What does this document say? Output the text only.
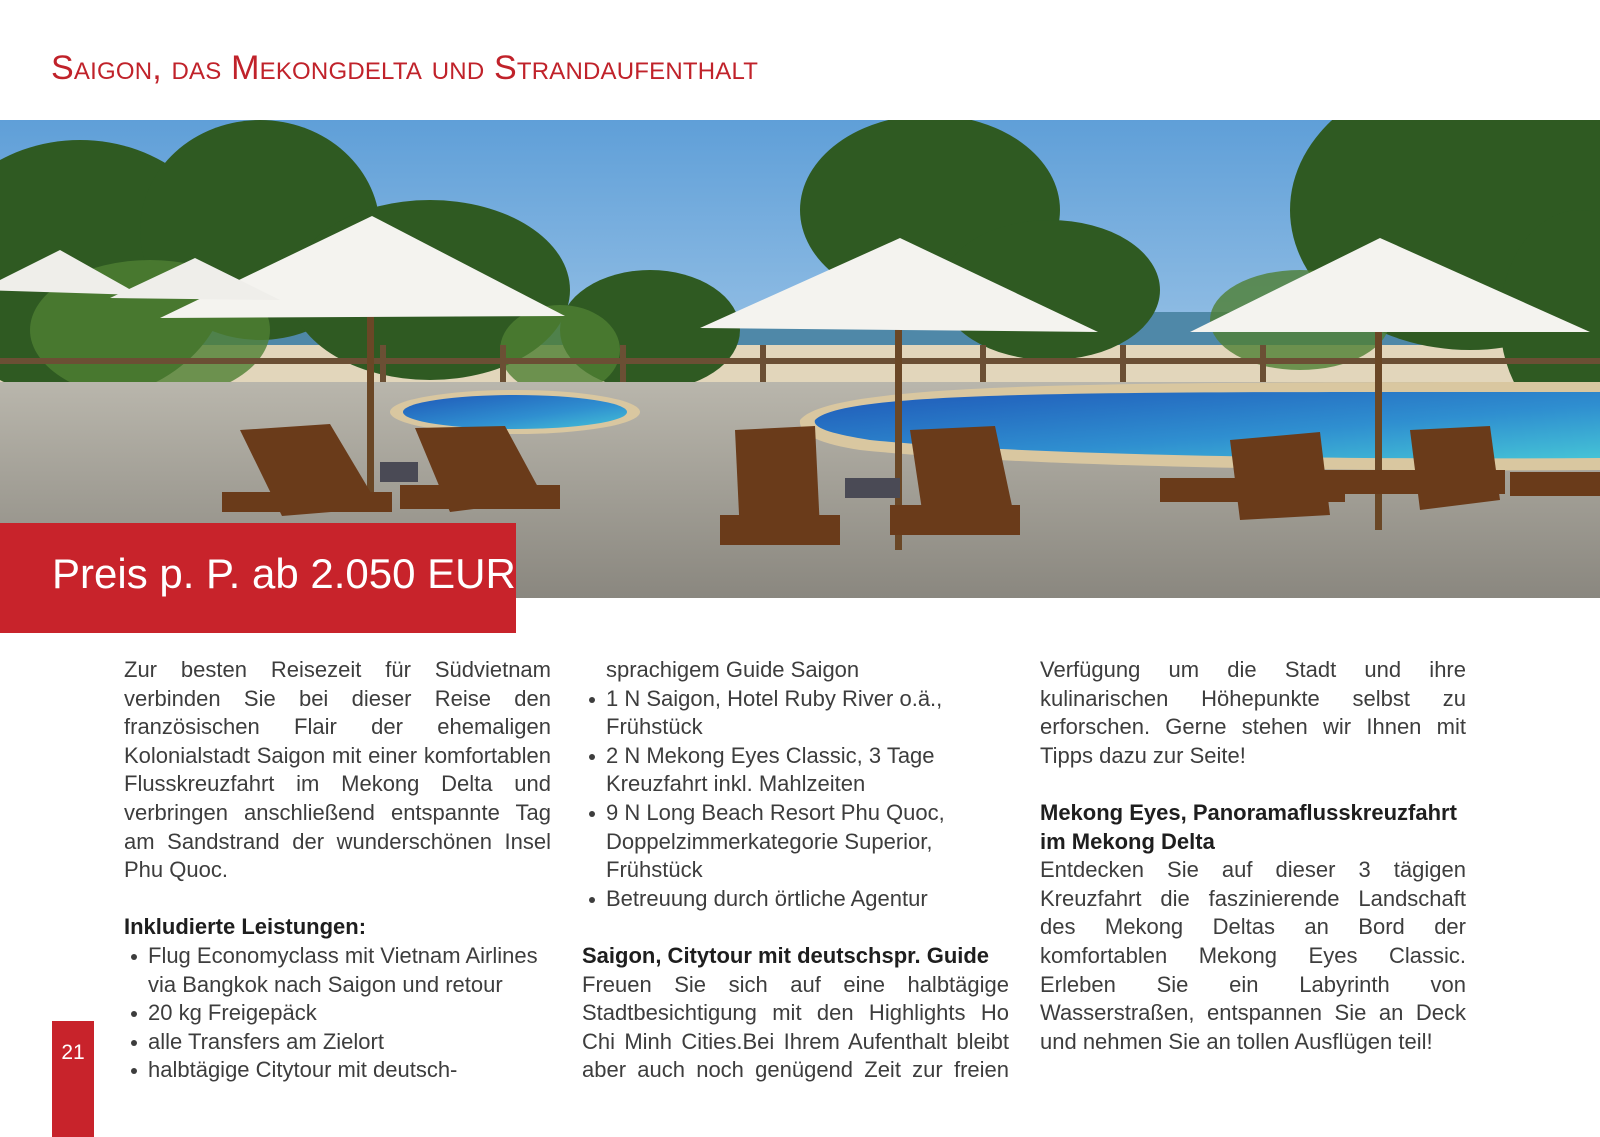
Saigon, das Mekongdelta und Strandaufenthalt
Preis p. P. ab 2.050 EUR

Zur besten Reisezeit für Südvietnam verbinden Sie bei dieser Reise den französischen Flair der ehemaligen Kolonialstadt Saigon mit einer komfortablen Flusskreuzfahrt im Mekong Delta und verbringen anschließend entspannte Tag am Sandstrand der wunderschönen Insel Phu Quoc.

Inkludierte Leistungen:
Flug Economyclass mit Vietnam Airlines via Bangkok nach Saigon und retour
20 kg Freigepäck
alle Transfers am Zielort
halbtägige Citytour mit deutsch-
sprachigem Guide Saigon
1 N Saigon, Hotel Ruby River o.ä., Frühstück
2 N Mekong Eyes Classic, 3 Tage Kreuzfahrt inkl. Mahlzeiten
9 N Long Beach Resort Phu Quoc, Doppelzimmerkategorie Superior, Frühstück
Betreuung durch örtliche Agentur
Saigon, Citytour mit deutschspr. Guide

Freuen Sie sich auf eine halbtägige Stadtbesichtigung mit den Highlights Ho Chi Minh Cities.Bei Ihrem Aufenthalt bleibt aber auch noch genügend Zeit zur freien

Verfügung um die Stadt und ihre kulinarischen Höhepunkte selbst zu erforschen. Gerne stehen wir Ihnen mit Tipps dazu zur Seite!

Mekong Eyes, Panoramaflusskreuzfahrt im Mekong Delta

Entdecken Sie auf dieser 3 tägigen Kreuzfahrt die faszinierende Landschaft des Mekong Deltas an Bord der komfortablen Mekong Eyes Classic. Erleben Sie ein Labyrinth von Wasserstraßen, entspannen Sie an Deck und nehmen Sie an tollen Ausflügen teil!

21
